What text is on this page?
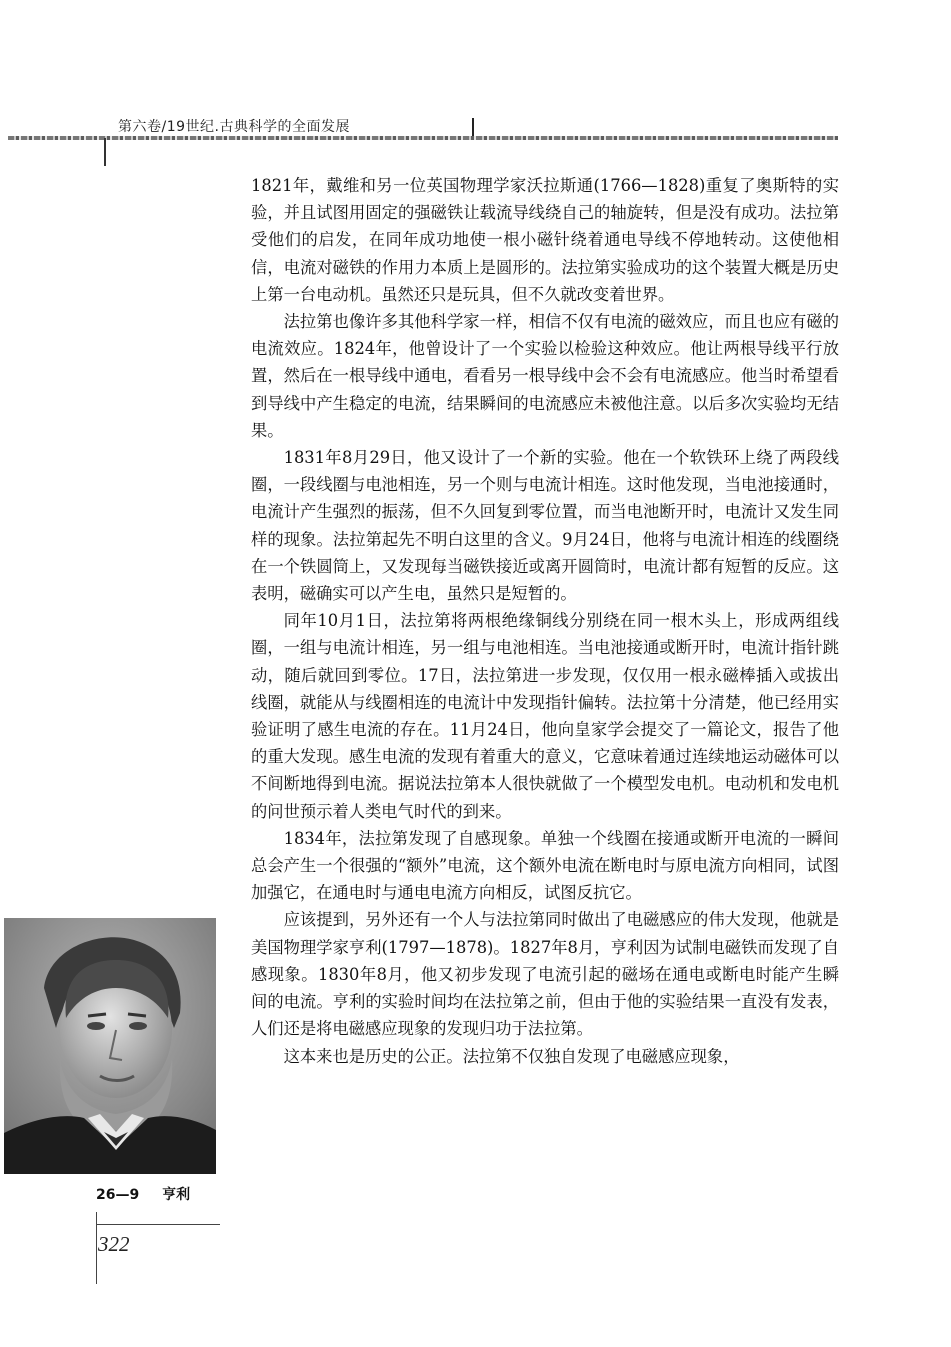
第六卷/19世纪.古典科学的全面发展

1821年，戴维和另一位英国物理学家沃拉斯通(1766—1828)重复了奥斯特的实验，并且试图用固定的强磁铁让载流导线绕自己的轴旋转，但是没有成功。法拉第受他们的启发，在同年成功地使一根小磁针绕着通电导线不停地转动。这使他相信，电流对磁铁的作用力本质上是圆形的。法拉第实验成功的这个装置大概是历史上第一台电动机。虽然还只是玩具，但不久就改变着世界。

法拉第也像许多其他科学家一样，相信不仅有电流的磁效应，而且也应有磁的电流效应。1824年，他曾设计了一个实验以检验这种效应。他让两根导线平行放置，然后在一根导线中通电，看看另一根导线中会不会有电流感应。他当时希望看到导线中产生稳定的电流，结果瞬间的电流感应未被他注意。以后多次实验均无结果。

1831年8月29日，他又设计了一个新的实验。他在一个软铁环上绕了两段线圈，一段线圈与电池相连，另一个则与电流计相连。这时他发现，当电池接通时，电流计产生强烈的振荡，但不久回复到零位置，而当电池断开时，电流计又发生同样的现象。法拉第起先不明白这里的含义。9月24日，他将与电流计相连的线圈绕在一个铁圆筒上，又发现每当磁铁接近或离开圆筒时，电流计都有短暂的反应。这表明，磁确实可以产生电，虽然只是短暂的。

同年10月1日，法拉第将两根绝缘铜线分别绕在同一根木头上，形成两组线圈，一组与电流计相连，另一组与电池相连。当电池接通或断开时，电流计指针跳动，随后就回到零位。17日，法拉第进一步发现，仅仅用一根永磁棒插入或拔出线圈，就能从与线圈相连的电流计中发现指针偏转。法拉第十分清楚，他已经用实验证明了感生电流的存在。11月24日，他向皇家学会提交了一篇论文，报告了他的重大发现。感生电流的发现有着重大的意义，它意味着通过连续地运动磁体可以不间断地得到电流。据说法拉第本人很快就做了一个模型发电机。电动机和发电机的问世预示着人类电气时代的到来。

1834年，法拉第发现了自感现象。单独一个线圈在接通或断开电流的一瞬间总会产生一个很强的“额外”电流，这个额外电流在断电时与原电流方向相同，试图加强它，在通电时与通电电流方向相反，试图反抗它。

应该提到，另外还有一个人与法拉第同时做出了电磁感应的伟大发现，他就是美国物理学家亨利(1797—1878)。1827年8月，亨利因为试制电磁铁而发现了自感现象。1830年8月，他又初步发现了电流引起的磁场在通电或断电时能产生瞬间的电流。亨利的实验时间均在法拉第之前，但由于他的实验结果一直没有发表，人们还是将电磁感应现象的发现归功于法拉第。

这本来也是历史的公正。法拉第不仅独自发现了电磁感应现象，

26—9 亨利
322
